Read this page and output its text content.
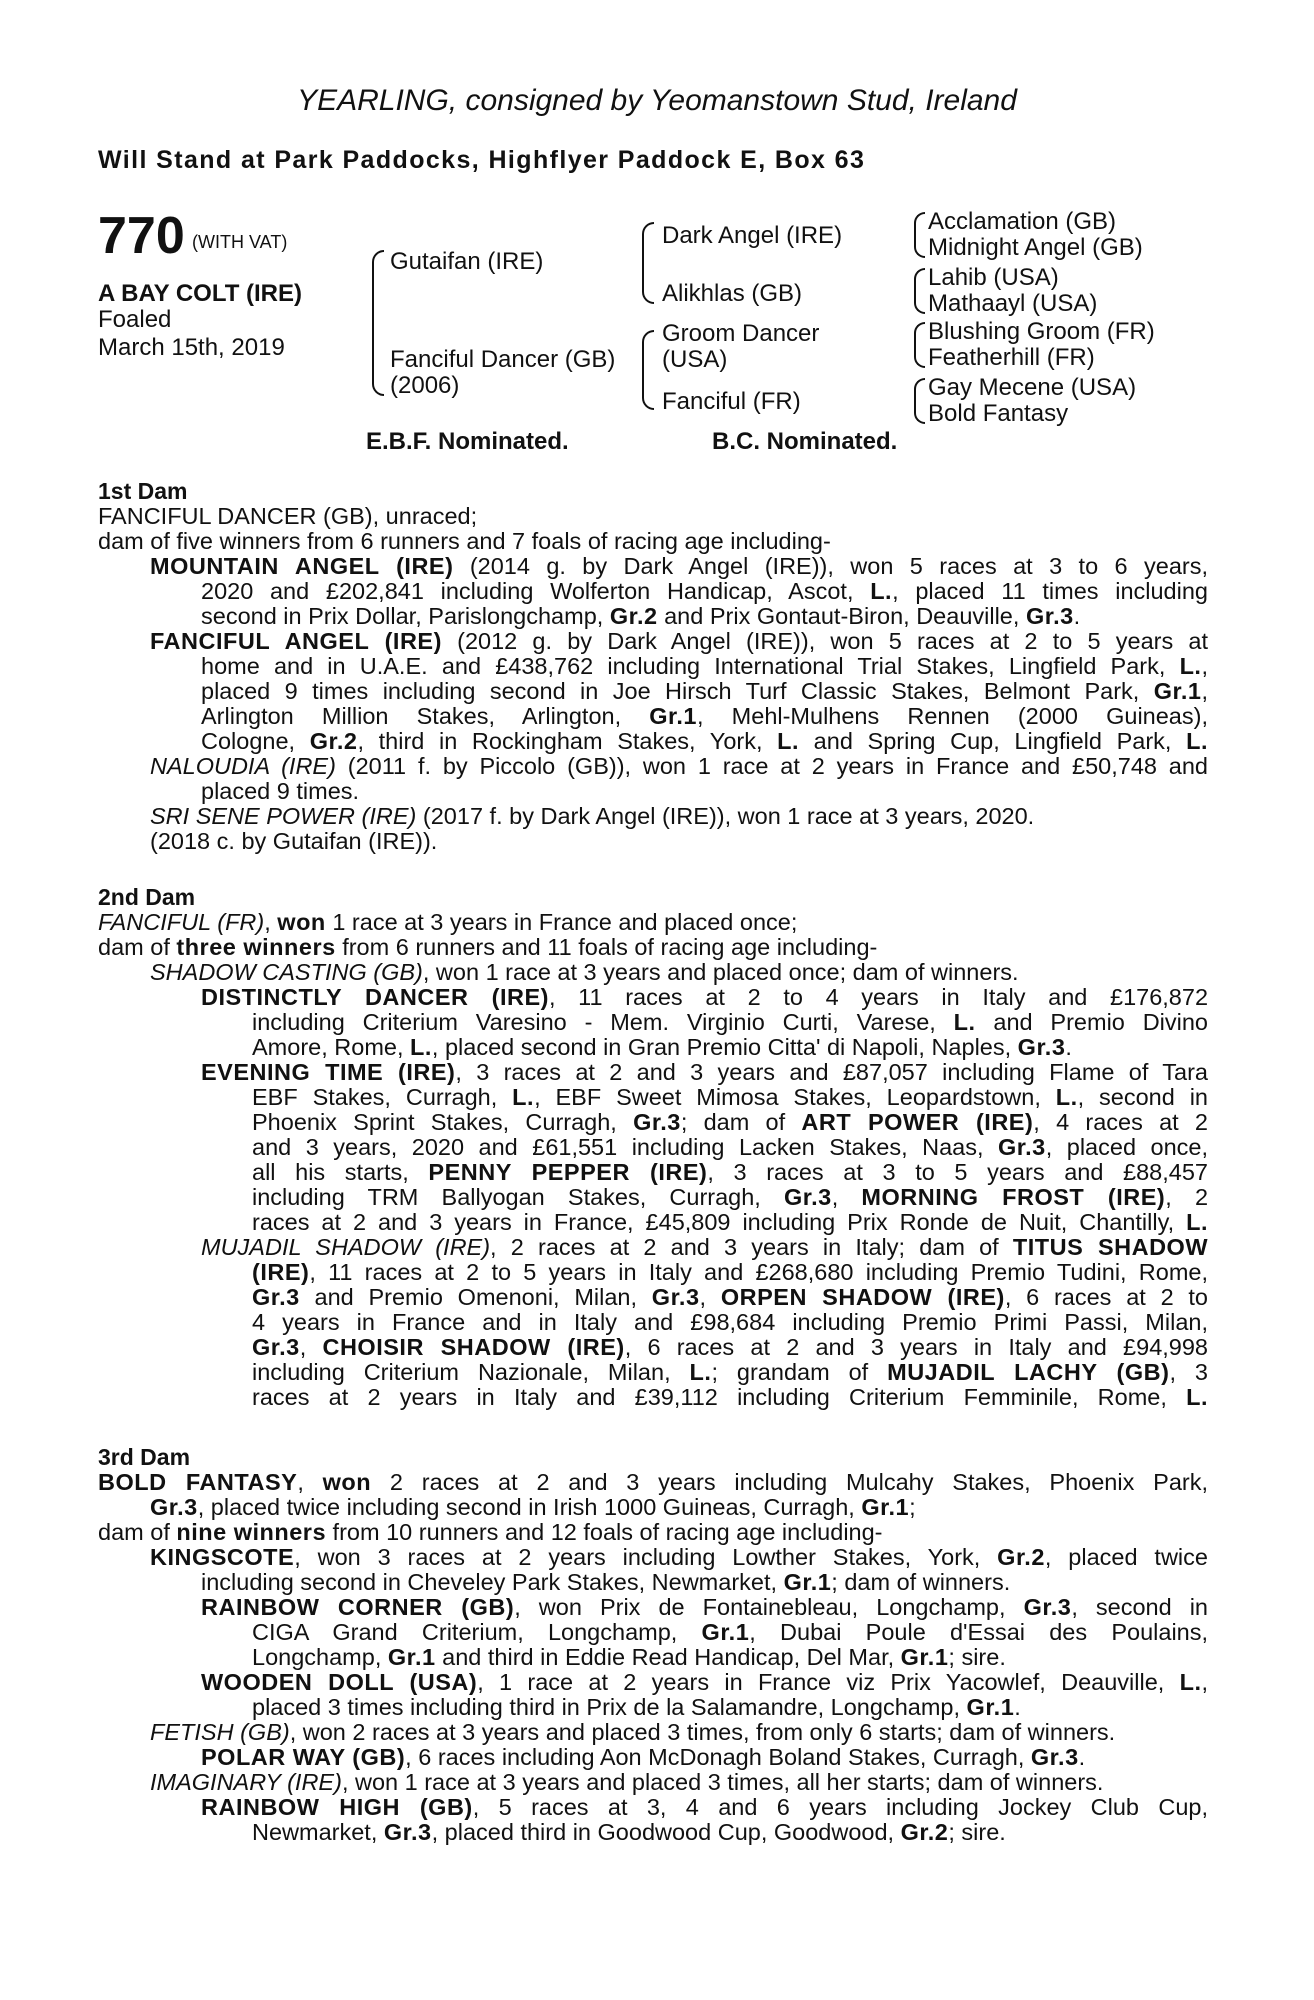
YEARLING, consigned by Yeomanstown Stud, Ireland
Will Stand at Park Paddocks, Highflyer Paddock E, Box 63
770 (WITH VAT)
A BAY COLT (IRE)
Foaled
March 15th, 2019
Gutaifan (IRE)
Fanciful Dancer (GB)
(2006)
Dark Angel (IRE)
Alikhlas (GB)
Groom Dancer
(USA)
Fanciful (FR)
Acclamation (GB)
Midnight Angel (GB)
Lahib (USA)
Mathaayl (USA)
Blushing Groom (FR)
Featherhill (FR)
Gay Mecene (USA)
Bold Fantasy
E.B.F. Nominated.	B.C. Nominated.
1st Dam
2nd Dam
3rd Dam
FANCIFUL DANCER (GB), unraced;
dam of five winners from 6 runners and 7 foals of racing age including-
MOUNTAIN ANGEL (IRE) (2014 g. by Dark Angel (IRE)), won 5 races at 3 to 6 years,
2020 and £202,841 including Wolferton Handicap, Ascot, L., placed 11 times including
second in Prix Dollar, Parislongchamp, Gr.2 and Prix Gontaut-Biron, Deauville, Gr.3.
FANCIFUL ANGEL (IRE) (2012 g. by Dark Angel (IRE)), won 5 races at 2 to 5 years at
home and in U.A.E. and £438,762 including International Trial Stakes, Lingfield Park, L.,
placed 9 times including second in Joe Hirsch Turf Classic Stakes, Belmont Park, Gr.1,
Arlington Million Stakes, Arlington, Gr.1, Mehl-Mulhens Rennen (2000 Guineas),
Cologne, Gr.2, third in Rockingham Stakes, York, L. and Spring Cup, Lingfield Park, L.
NALOUDIA (IRE) (2011 f. by Piccolo (GB)), won 1 race at 2 years in France and £50,748 and
placed 9 times.
SRI SENE POWER (IRE) (2017 f. by Dark Angel (IRE)), won 1 race at 3 years, 2020.
(2018 c. by Gutaifan (IRE)).
FANCIFUL (FR), won 1 race at 3 years in France and placed once;
dam of three winners from 6 runners and 11 foals of racing age including-
SHADOW CASTING (GB), won 1 race at 3 years and placed once; dam of winners.
DISTINCTLY DANCER (IRE), 11 races at 2 to 4 years in Italy and £176,872
including Criterium Varesino - Mem. Virginio Curti, Varese, L. and Premio Divino
Amore, Rome, L., placed second in Gran Premio Citta' di Napoli, Naples, Gr.3.
EVENING TIME (IRE), 3 races at 2 and 3 years and £87,057 including Flame of Tara
EBF Stakes, Curragh, L., EBF Sweet Mimosa Stakes, Leopardstown, L., second in
Phoenix Sprint Stakes, Curragh, Gr.3; dam of ART POWER (IRE), 4 races at 2
and 3 years, 2020 and £61,551 including Lacken Stakes, Naas, Gr.3, placed once,
all his starts, PENNY PEPPER (IRE), 3 races at 3 to 5 years and £88,457
including TRM Ballyogan Stakes, Curragh, Gr.3, MORNING FROST (IRE), 2
races at 2 and 3 years in France, £45,809 including Prix Ronde de Nuit, Chantilly, L.
MUJADIL SHADOW (IRE), 2 races at 2 and 3 years in Italy; dam of TITUS SHADOW
(IRE), 11 races at 2 to 5 years in Italy and £268,680 including Premio Tudini, Rome,
Gr.3 and Premio Omenoni, Milan, Gr.3, ORPEN SHADOW (IRE), 6 races at 2 to
4 years in France and in Italy and £98,684 including Premio Primi Passi, Milan,
Gr.3, CHOISIR SHADOW (IRE), 6 races at 2 and 3 years in Italy and £94,998
including Criterium Nazionale, Milan, L.; grandam of MUJADIL LACHY (GB), 3
races at 2 years in Italy and £39,112 including Criterium Femminile, Rome, L.
BOLD FANTASY, won 2 races at 2 and 3 years including Mulcahy Stakes, Phoenix Park,
Gr.3, placed twice including second in Irish 1000 Guineas, Curragh, Gr.1;
dam of nine winners from 10 runners and 12 foals of racing age including-
KINGSCOTE, won 3 races at 2 years including Lowther Stakes, York, Gr.2, placed twice
including second in Cheveley Park Stakes, Newmarket, Gr.1; dam of winners.
RAINBOW CORNER (GB), won Prix de Fontainebleau, Longchamp, Gr.3, second in
CIGA Grand Criterium, Longchamp, Gr.1, Dubai Poule d'Essai des Poulains,
Longchamp, Gr.1 and third in Eddie Read Handicap, Del Mar, Gr.1; sire.
WOODEN DOLL (USA), 1 race at 2 years in France viz Prix Yacowlef, Deauville, L.,
placed 3 times including third in Prix de la Salamandre, Longchamp, Gr.1.
FETISH (GB), won 2 races at 3 years and placed 3 times, from only 6 starts; dam of winners.
POLAR WAY (GB), 6 races including Aon McDonagh Boland Stakes, Curragh, Gr.3.
IMAGINARY (IRE), won 1 race at 3 years and placed 3 times, all her starts; dam of winners.
RAINBOW HIGH (GB), 5 races at 3, 4 and 6 years including Jockey Club Cup,
Newmarket, Gr.3, placed third in Goodwood Cup, Goodwood, Gr.2; sire.
